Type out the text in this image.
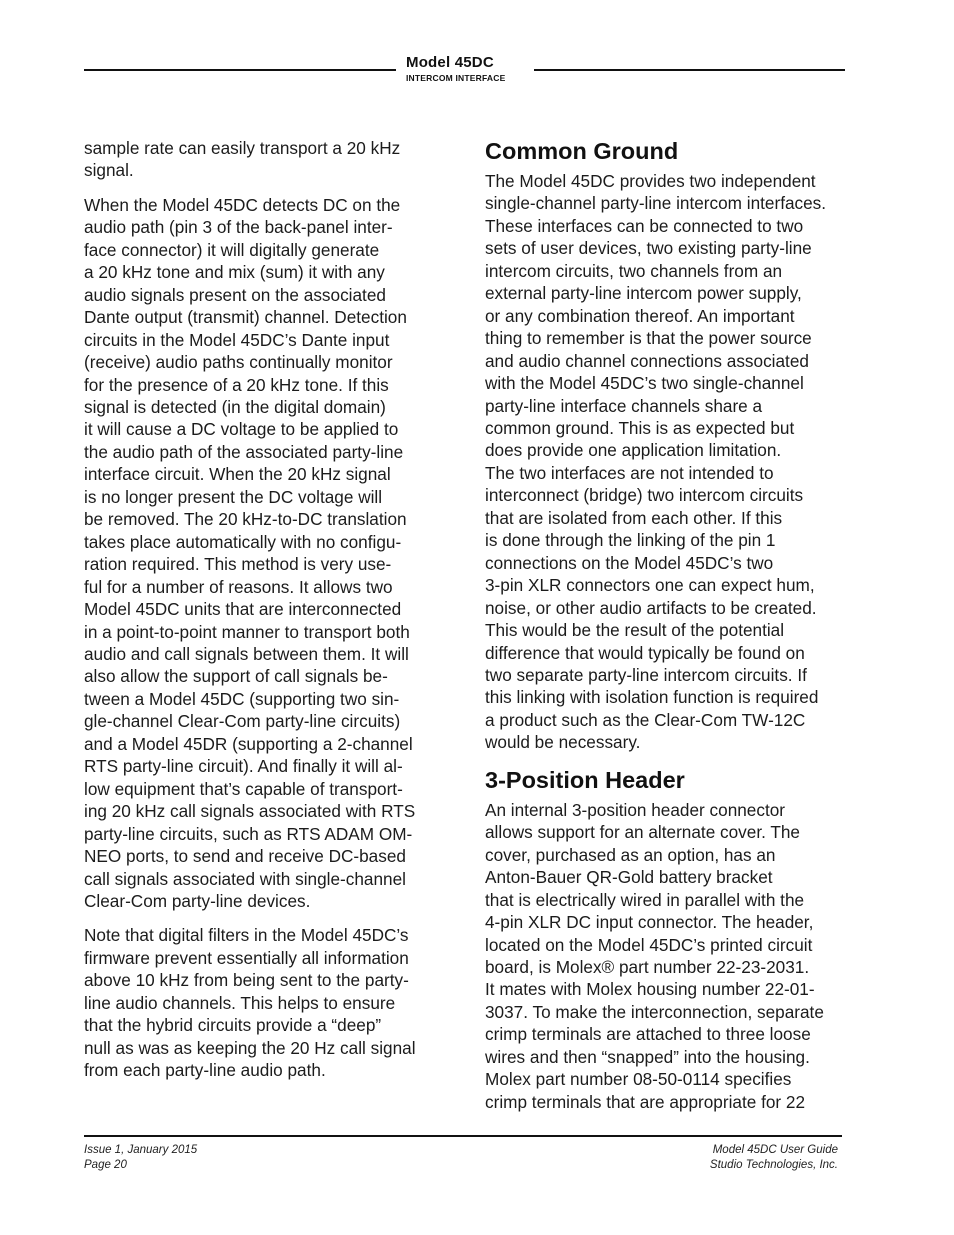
Model 45DC
INTERCOM INTERFACE

sample rate can easily transport a 20 kHz
signal.

When the Model 45DC detects DC on the
audio path (pin 3 of the back-panel inter-
face connector) it will digitally generate
a 20 kHz tone and mix (sum) it with any
audio signals present on the associated
Dante output (transmit) channel. Detection
circuits in the Model 45DC’s Dante input
(receive) audio paths continually monitor
for the presence of a 20 kHz tone. If this
signal is detected (in the digital domain)
it will cause a DC voltage to be applied to
the audio path of the associated party-line
interface circuit. When the 20 kHz signal
is no longer present the DC voltage will
be removed. The 20 kHz-to-DC translation
takes place automatically with no configu-
ration required. This method is very use-
ful for a number of reasons. It allows two
Model 45DC units that are interconnected
in a point-to-point manner to transport both
audio and call signals between them. It will
also allow the support of call signals be-
tween a Model 45DC (supporting two sin-
gle-channel Clear-Com party-line circuits)
and a Model 45DR (supporting a 2-channel
RTS party-line circuit). And finally it will al-
low equipment that’s capable of transport-
ing 20 kHz call signals associated with RTS
party-line circuits, such as RTS ADAM OM-
NEO ports, to send and receive DC-based
call signals associated with single-channel
Clear-Com party-line devices.

Note that digital filters in the Model 45DC’s
firmware prevent essentially all information
above 10 kHz from being sent to the party-
line audio channels. This helps to ensure
that the hybrid circuits provide a “deep”
null as was as keeping the 20 Hz call signal
from each party-line audio path.

Common Ground

The Model 45DC provides two independent
single-channel party-line intercom interfaces.
These interfaces can be connected to two
sets of user devices, two existing party-line
intercom circuits, two channels from an
external party-line intercom power supply,
or any combination thereof. An important
thing to remember is that the power source
and audio channel connections associated
with the Model 45DC’s two single-channel
party-line interface channels share a
common ground. This is as expected but
does provide one application limitation.
The two interfaces are not intended to
interconnect (bridge) two intercom circuits
that are isolated from each other. If this
is done through the linking of the pin 1
connections on the Model 45DC’s two
3-pin XLR connectors one can expect hum,
noise, or other audio artifacts to be created.
This would be the result of the potential
difference that would typically be found on
two separate party-line intercom circuits. If
this linking with isolation function is required
a product such as the Clear-Com TW-12C
would be necessary.

3-Position Header

An internal 3-position header connector
allows support for an alternate cover. The
cover, purchased as an option, has an
Anton-Bauer QR-Gold battery bracket
that is electrically wired in parallel with the
4-pin XLR DC input connector. The header,
located on the Model 45DC’s printed circuit
board, is Molex® part number 22-23-2031.
It mates with Molex housing number 22-01-
3037. To make the interconnection, separate
crimp terminals are attached to three loose
wires and then “snapped” into the housing.
Molex part number 08-50-0114 specifies
crimp terminals that are appropriate for 22

Issue 1, January 2015
Page 20
Model 45DC User Guide
Studio Technologies, Inc.
